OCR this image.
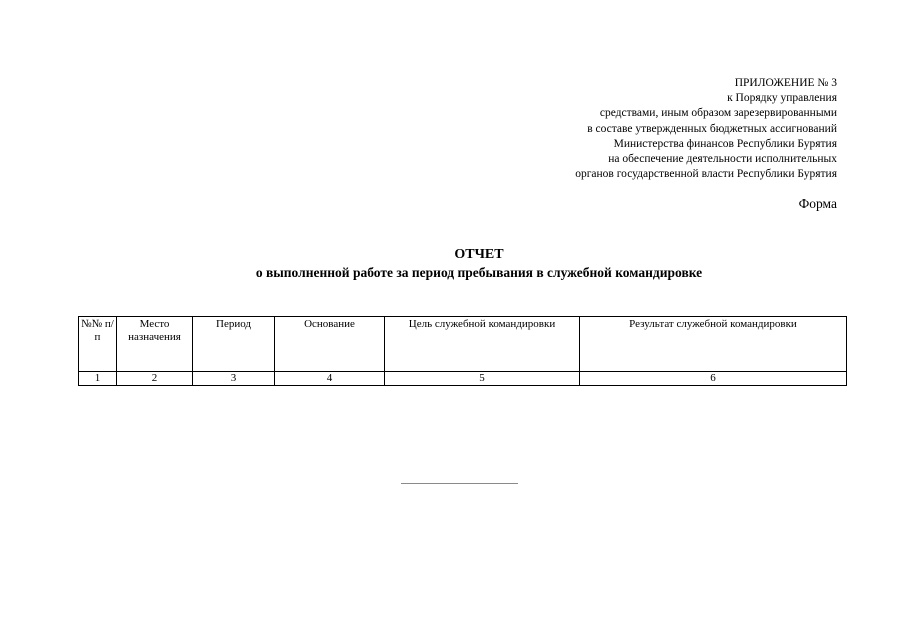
ПРИЛОЖЕНИЕ № 3
к Порядку управления
средствами, иным образом зарезервированными
в составе утвержденных бюджетных ассигнований
Министерства финансов Республики Бурятия
на обеспечение деятельности исполнительных
органов государственной власти Республики Бурятия
Форма
ОТЧЕТ
о выполненной работе за период пребывания в служебной командировке
№№ п/п	Место назначения	Период	Основание	Цель служебной командировки	Результат служебной командировки
1	2	3	4	5	6
